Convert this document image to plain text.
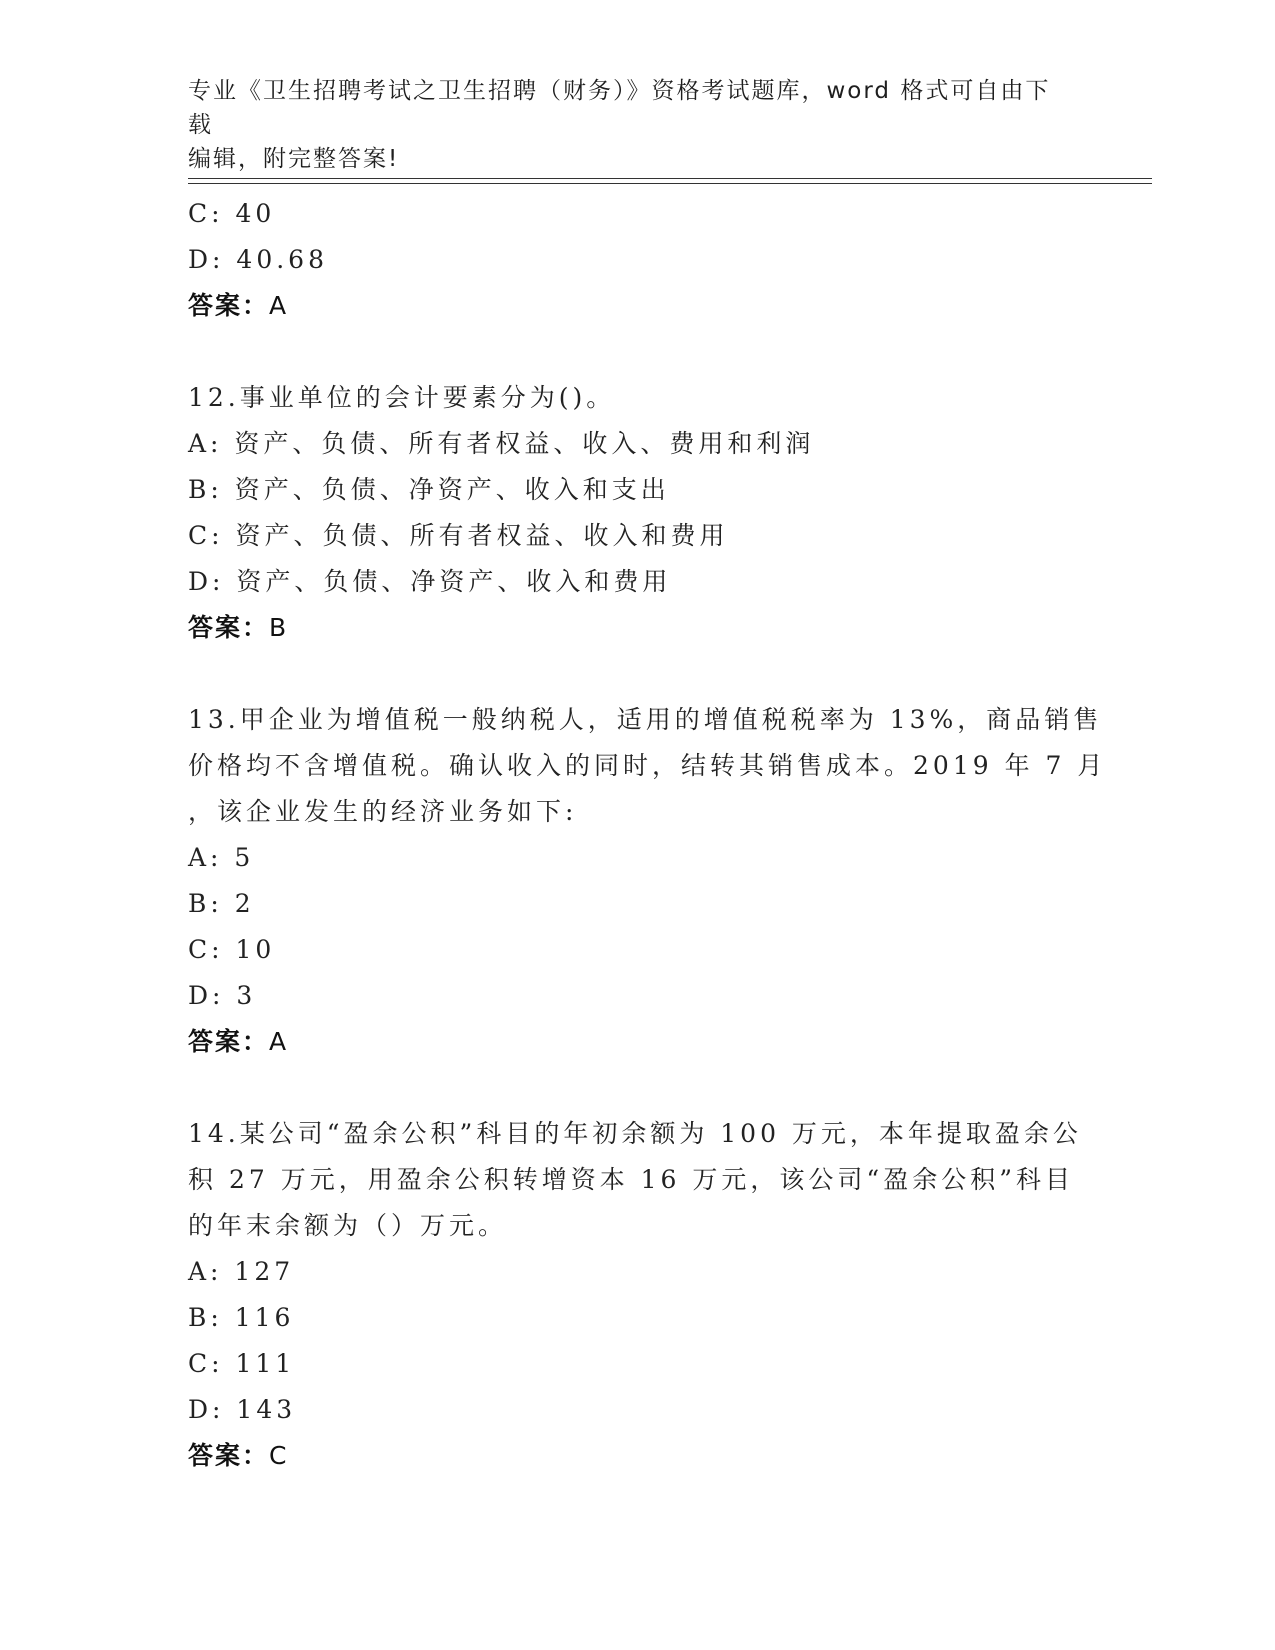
专业《卫生招聘考试之卫生招聘（财务）》资格考试题库，word 格式可自由下载
编辑，附完整答案!
C: 40
D: 40.68
答案：A
12.事业单位的会计要素分为()。
A: 资产、负债、所有者权益、收入、费用和利润
B: 资产、负债、净资产、收入和支出
C: 资产、负债、所有者权益、收入和费用
D: 资产、负债、净资产、收入和费用
答案：B
13.甲企业为增值税一般纳税人，适用的增值税税率为 13%，商品销售
价格均不含增值税。确认收入的同时，结转其销售成本。2019 年 7 月
，该企业发生的经济业务如下:
A: 5
B: 2
C: 10
D: 3
答案：A
14.某公司“盈余公积”科目的年初余额为 100 万元，本年提取盈余公
积 27 万元，用盈余公积转增资本 16 万元，该公司“盈余公积”科目
的年末余额为（）万元。
A: 127
B: 116
C: 111
D: 143
答案：C
